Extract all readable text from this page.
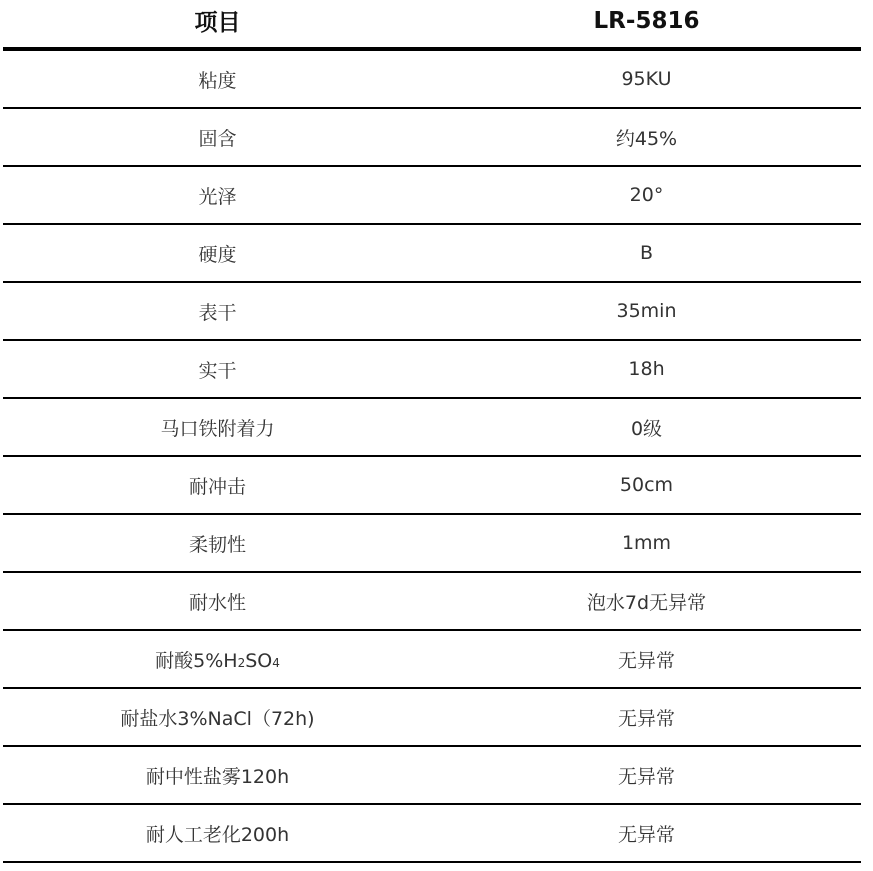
项目	LR-5816
粘度	95KU
固含	约45%
光泽	20°
硬度	B
表干	35min
实干	18h
马口铁附着力	0级
耐冲击	50cm
柔韧性	1mm
耐水性	泡水7d无异常
耐酸5%H2SO4	无异常
耐盐水3%NaCl（72h)	无异常
耐中性盐雾120h	无异常
耐人工老化200h	无异常
